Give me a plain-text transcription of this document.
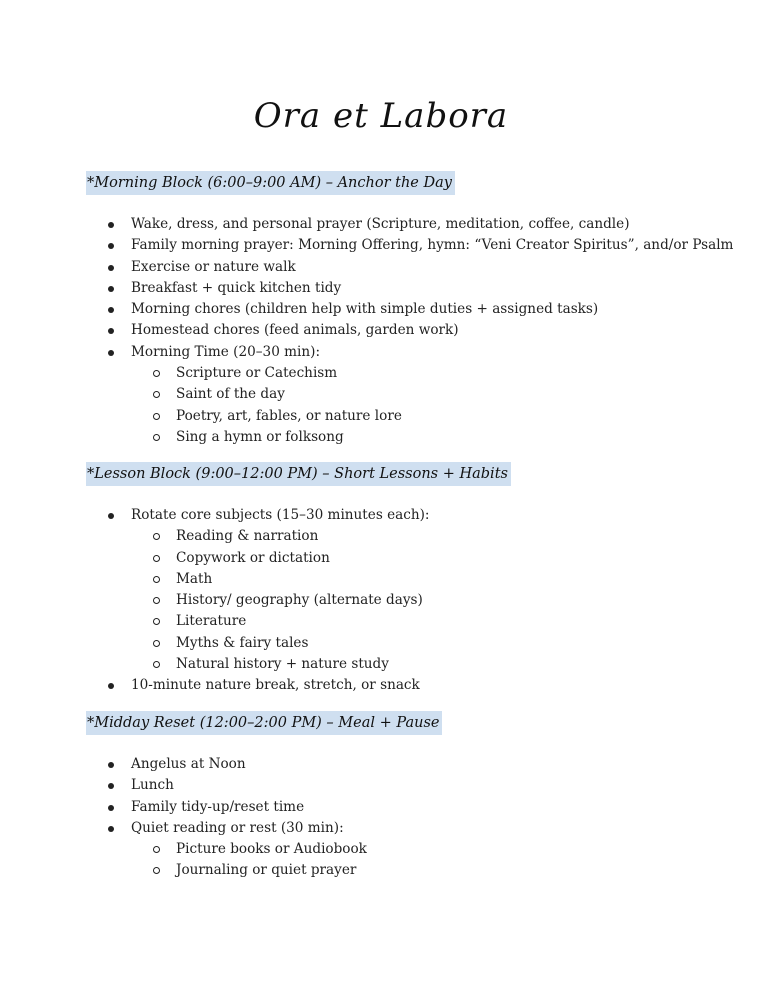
Ora et Labora
*Morning Block (6:00–9:00 AM) – Anchor the Day
Wake, dress, and personal prayer (Scripture, meditation, coffee, candle)
Family morning prayer: Morning Offering, hymn: “Veni Creator Spiritus”, and/or Psalm
Exercise or nature walk
Breakfast + quick kitchen tidy
Morning chores (children help with simple duties + assigned tasks)
Homestead chores (feed animals, garden work)
Morning Time (20–30 min):
Scripture or Catechism
Saint of the day
Poetry, art, fables, or nature lore
Sing a hymn or folksong
*Lesson Block (9:00–12:00 PM) – Short Lessons + Habits
Rotate core subjects (15–30 minutes each):
Reading & narration
Copywork or dictation
Math
History/ geography (alternate days)
Literature
Myths & fairy tales
Natural history + nature study
10-minute nature break, stretch, or snack
*Midday Reset (12:00–2:00 PM) – Meal + Pause
Angelus at Noon
Lunch
Family tidy-up/reset time
Quiet reading or rest (30 min):
Picture books or Audiobook
Journaling or quiet prayer
